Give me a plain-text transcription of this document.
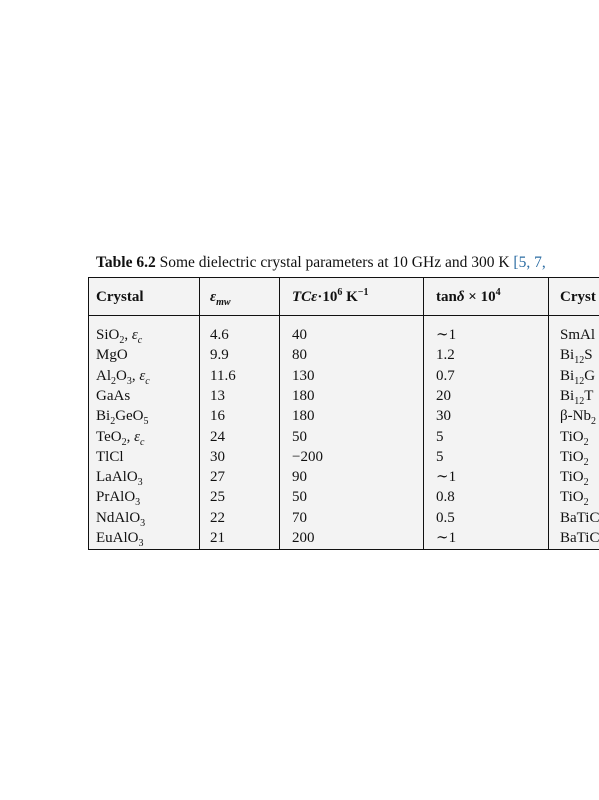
Table 6.2 Some dielectric crystal parameters at 10 GHz and 300 K [5, 7,
Crystal	$\varepsilon_{mw}$	$TC\varepsilon\cdot 10^6$ $K^{-1}$	$\tan\delta \times 10^4$	Cryst
SiO$_2$, $\varepsilon_c$	4.6	40	∼1	SmAl
MgO	9.9	80	1.2	$Bi_{12}S$
$Al_2O_3$, $\varepsilon_c$	11.6	130	0.7	$Bi_{12}G$
GaAs	13	180	20	$Bi_{12}T$
$Bi_2GeO_5$	16	180	30	$\beta-Nb_2$
TeO$_2$, $\varepsilon_c$	24	50	5	TiO$_2$
TlCl	30	−200	5	TiO$_2$
LaAlO$_3$	27	90	∼1	TiO$_2$
PrAlO$_3$	25	50	0.8	TiO$_2$
NdAlO$_3$	22	70	0.5	BaTiC
EuAlO$_3$	21	200	∼1	BaTiC
